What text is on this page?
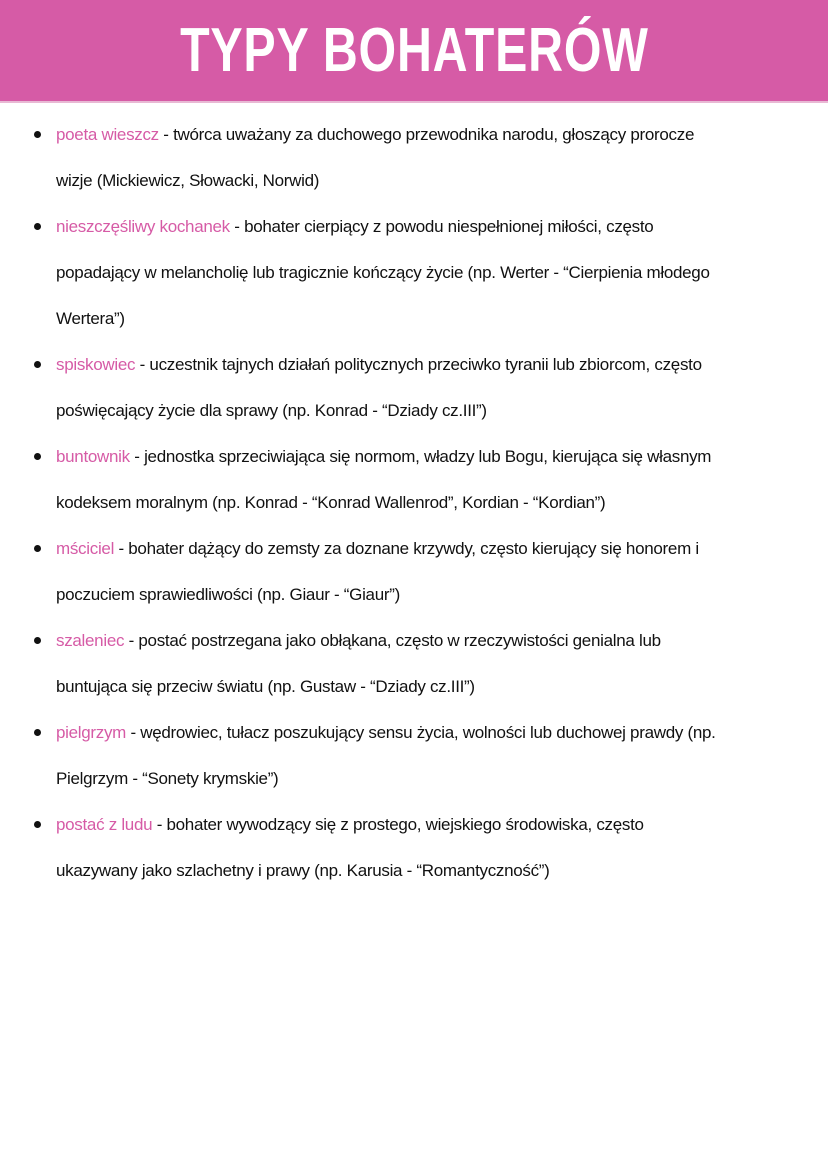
TYPY BOHATERÓW
poeta wieszcz - twórca uważany za duchowego przewodnika narodu, głoszący prorocze wizje (Mickiewicz, Słowacki, Norwid)
nieszczęśliwy kochanek - bohater cierpiący z powodu niespełnionej miłości, często popadający w melancholię lub tragicznie kończący życie (np. Werter - “Cierpienia młodego Wertera”)
spiskowiec - uczestnik tajnych działań politycznych przeciwko tyranii lub zbiorcom, często poświęcający życie dla sprawy (np. Konrad - “Dziady cz.III”)
buntownik - jednostka sprzeciwiająca się normom, władzy lub Bogu, kierująca się własnym kodeksem moralnym (np. Konrad - “Konrad Wallenrod”, Kordian - “Kordian”)
mściciel - bohater dążący do zemsty za doznane krzywdy, często kierujący się honorem i poczuciem sprawiedliwości (np. Giaur - “Giaur”)
szaleniec - postać postrzegana jako obłąkana, często w rzeczywistości genialna lub buntująca się przeciw światu (np. Gustaw - “Dziady cz.III”)
pielgrzym - wędrowiec, tułacz poszukujący sensu życia, wolności lub duchowej prawdy (np. Pielgrzym - “Sonety krymskie”)
postać z ludu - bohater wywodzący się z prostego, wiejskiego środowiska, często ukazywany jako szlachetny i prawy (np. Karusia - “Romantyczność”)
